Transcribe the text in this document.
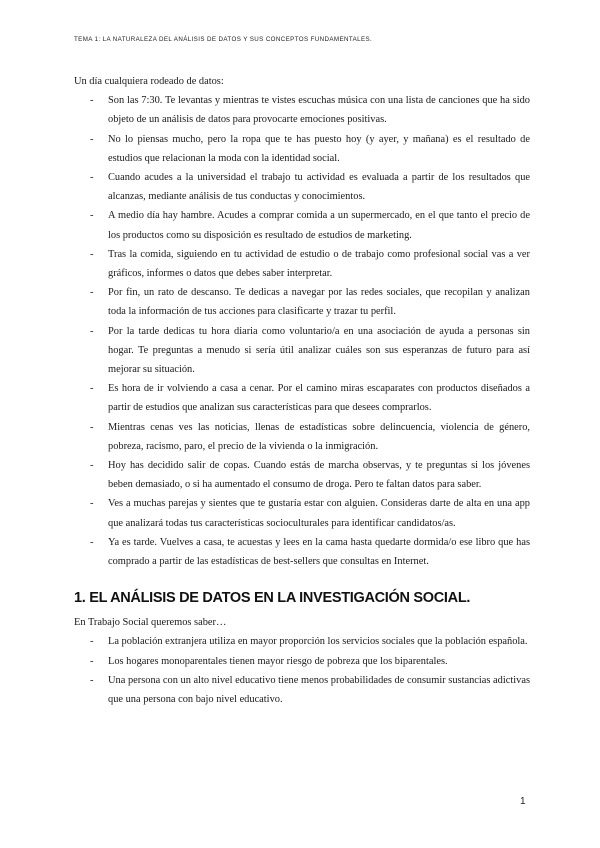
TEMA 1: LA NATURALEZA DEL ANÁLISIS DE DATOS Y SUS CONCEPTOS FUNDAMENTALES.

Un día cualquiera rodeado de datos:

- Son las 7:30. Te levantas y mientras te vistes escuchas música con una lista de canciones que ha sido objeto de un análisis de datos para provocarte emociones positivas.
- No lo piensas mucho, pero la ropa que te has puesto hoy (y ayer, y mañana) es el resultado de estudios que relacionan la moda con la identidad social.
- Cuando acudes a la universidad el trabajo tu actividad es evaluada a partir de los resultados que alcanzas, mediante análisis de tus conductas y conocimientos.
- A medio día hay hambre. Acudes a comprar comida a un supermercado, en el que tanto el precio de los productos como su disposición es resultado de estudios de marketing.
- Tras la comida, siguiendo en tu actividad de estudio o de trabajo como profesional social vas a ver gráficos, informes o datos que debes saber interpretar.
- Por fin, un rato de descanso. Te dedicas a navegar por las redes sociales, que recopilan y analizan toda la información de tus acciones para clasificarte y trazar tu perfil.
- Por la tarde dedicas tu hora diaria como voluntario/a en una asociación de ayuda a personas sin hogar. Te preguntas a menudo si sería útil analizar cuáles son sus esperanzas de futuro para así mejorar su situación.
- Es hora de ir volviendo a casa a cenar. Por el camino miras escaparates con productos diseñados a partir de estudios que analizan sus características para que desees comprarlos.
- Mientras cenas ves las noticias, llenas de estadísticas sobre delincuencia, violencia de género, pobreza, racismo, paro, el precio de la vivienda o la inmigración.
- Hoy has decidido salir de copas. Cuando estás de marcha observas, y te preguntas si los jóvenes beben demasiado, o si ha aumentado el consumo de droga. Pero te faltan datos para saber.
- Ves a muchas parejas y sientes que te gustaría estar con alguien. Consideras darte de alta en una app que analizará todas tus características socioculturales para identificar candidatos/as.
- Ya es tarde. Vuelves a casa, te acuestas y lees en la cama hasta quedarte dormida/o ese libro que has comprado a partir de las estadísticas de best-sellers que consultas en Internet.
1. EL ANÁLISIS DE DATOS EN LA INVESTIGACIÓN SOCIAL.

En Trabajo Social queremos saber…

- La población extranjera utiliza en mayor proporción los servicios sociales que la población española.
- Los hogares monoparentales tienen mayor riesgo de pobreza que los biparentales.
- Una persona con un alto nivel educativo tiene menos probabilidades de consumir sustancias adictivas que una persona con bajo nivel educativo.
1
